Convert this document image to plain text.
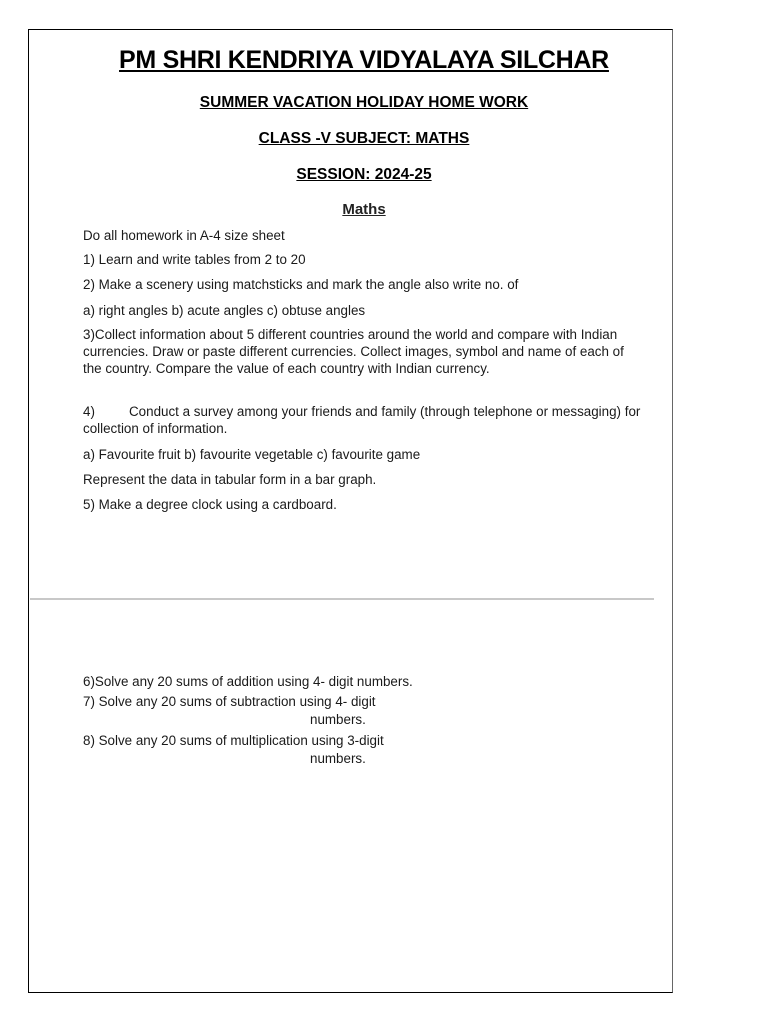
PM SHRI KENDRIYA VIDYALAYA SILCHAR
SUMMER VACATION HOLIDAY HOME WORK
CLASS -V SUBJECT: MATHS
SESSION: 2024-25
Maths

Do all homework in A-4 size sheet

1) Learn and write tables from 2 to 20

2) Make a scenery using matchsticks and mark the angle also write no. of

a) right angles b) acute angles c) obtuse angles

3)Collect information about 5 different countries around the world and compare with Indian currencies. Draw or paste different currencies. Collect images, symbol and name of each of the country. Compare the value of each country with Indian currency.

4)	Conduct a survey among your friends and family (through telephone or messaging) for collection of information.

a) Favourite fruit b) favourite vegetable c) favourite game

Represent the data in tabular form in a bar graph.

5) Make a degree clock using a cardboard.

6)Solve any 20 sums of addition using 4- digit numbers.

7) Solve any 20 sums of subtraction using 4- digit

numbers.

8) Solve any 20 sums of multiplication using 3-digit

numbers.
